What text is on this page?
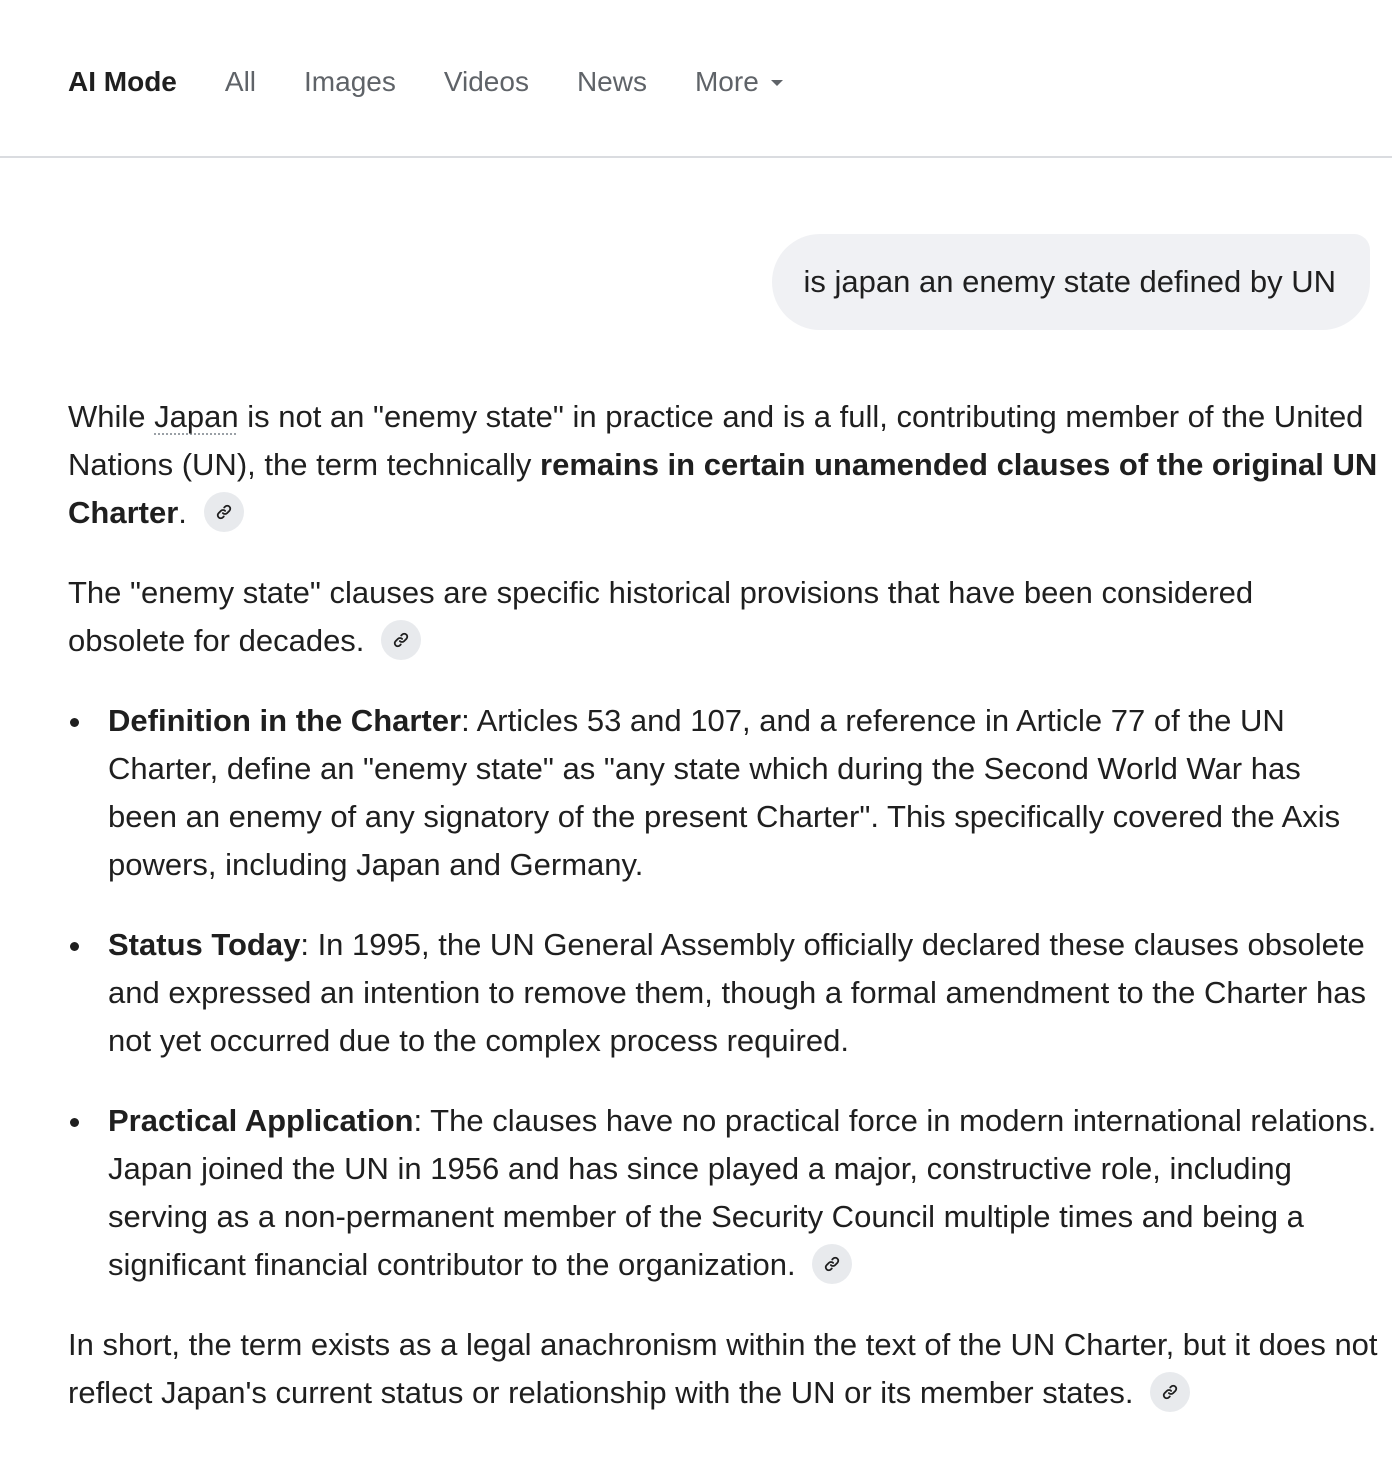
AI Mode All Images Videos News More
is japan an enemy state defined by UN

While Japan is not an "enemy state" in practice and is a full, contributing member of the United Nations (UN), the term technically remains in certain unamended clauses of the original UN Charter.

The "enemy state" clauses are specific historical provisions that have been considered obsolete for decades.

Definition in the Charter: Articles 53 and 107, and a reference in Article 77 of the UN Charter, define an "enemy state" as "any state which during the Second World War has been an enemy of any signatory of the present Charter". This specifically covered the Axis powers, including Japan and Germany.
Status Today: In 1995, the UN General Assembly officially declared these clauses obsolete and expressed an intention to remove them, though a formal amendment to the Charter has not yet occurred due to the complex process required.
Practical Application: The clauses have no practical force in modern international relations. Japan joined the UN in 1956 and has since played a major, constructive role, including serving as a non-permanent member of the Security Council multiple times and being a significant financial contributor to the organization.

In short, the term exists as a legal anachronism within the text of the UN Charter, but it does not reflect Japan's current status or relationship with the UN or its member states.
